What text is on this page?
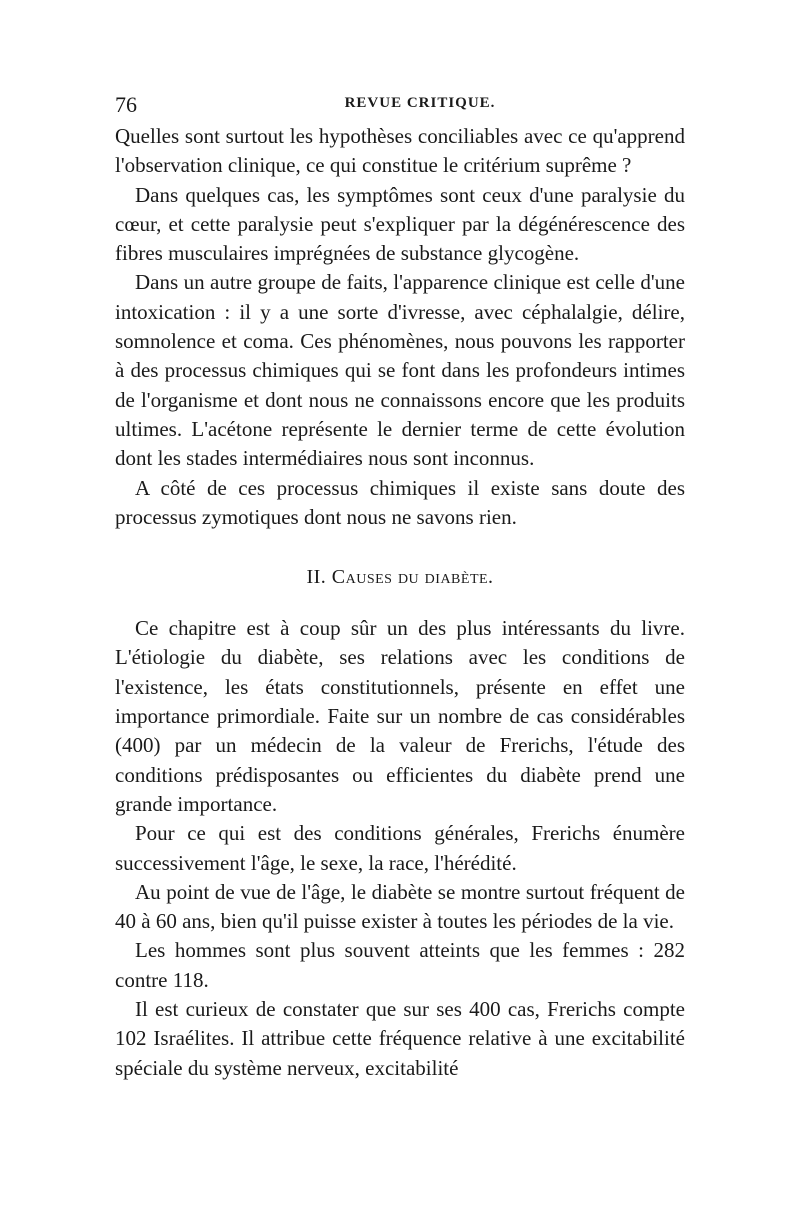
76	REVUE CRITIQUE.

Quelles sont surtout les hypothèses conciliables avec ce qu'apprend l'observation clinique, ce qui constitue le critérium suprême ?

Dans quelques cas, les symptômes sont ceux d'une paralysie du cœur, et cette paralysie peut s'expliquer par la dégénérescence des fibres musculaires imprégnées de substance glycogène.

Dans un autre groupe de faits, l'apparence clinique est celle d'une intoxication : il y a une sorte d'ivresse, avec céphalalgie, délire, somnolence et coma. Ces phénomènes, nous pouvons les rapporter à des processus chimiques qui se font dans les profondeurs intimes de l'organisme et dont nous ne connaissons encore que les produits ultimes. L'acétone représente le dernier terme de cette évolution dont les stades intermédiaires nous sont inconnus.

A côté de ces processus chimiques il existe sans doute des processus zymotiques dont nous ne savons rien.

II. Causes du diabète.

Ce chapitre est à coup sûr un des plus intéressants du livre. L'étiologie du diabète, ses relations avec les conditions de l'existence, les états constitutionnels, présente en effet une importance primordiale. Faite sur un nombre de cas considérables (400) par un médecin de la valeur de Frerichs, l'étude des conditions prédisposantes ou efficientes du diabète prend une grande importance.

Pour ce qui est des conditions générales, Frerichs énumère successivement l'âge, le sexe, la race, l'hérédité.

Au point de vue de l'âge, le diabète se montre surtout fréquent de 40 à 60 ans, bien qu'il puisse exister à toutes les périodes de la vie.

Les hommes sont plus souvent atteints que les femmes : 282 contre 118.

Il est curieux de constater que sur ses 400 cas, Frerichs compte 102 Israélites. Il attribue cette fréquence relative à une excitabilité spéciale du système nerveux, excitabilité
